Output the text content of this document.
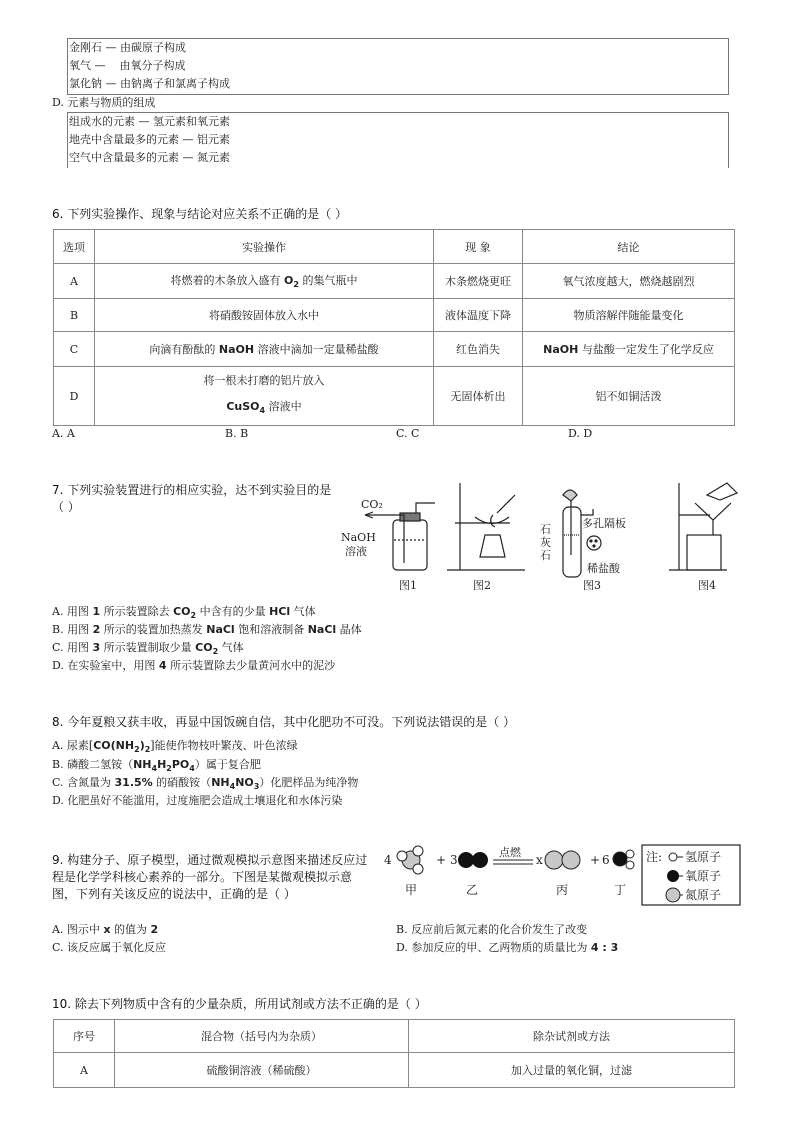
金刚石 — 由碳原子构成
氧气 —    由氧分子构成
氯化钠 — 由钠离子和氯离子构成
D. 元素与物质的组成
组成水的元素 — 氢元素和氧元素
地壳中含量最多的元素 — 铝元素
空气中含量最多的元素 — 氮元素
6. 下列实验操作、现象与结论对应关系不正确的是（ ）
选项	实验操作	现 象	结论
A	将燃着的木条放入盛有 $O_2$ 的集气瓶中	木条燃烧更旺	氧气浓度越大，燃烧越剧烈
B	将硝酸铵固体放入水中	液体温度下降	物质溶解伴随能量变化
C	向滴有酚酞的 NaOH 溶液中滴加一定量稀盐酸	红色消失	NaOH 与盐酸一定发生了化学反应
D	将一根未打磨的铝片放入
CuSO$_4$ 溶液中	无固体析出	铝不如铜活泼
A. A	B. B	C. C	D. D
7. 下列实验装置进行的相应实验，达不到实验目的是
（ ）	CO₂
NaOH
溶液
图1	图2
石
灰
石
多孔隔板
稀盐酸
图3	图4
A. 用图 1 所示装置除去 $CO_2$ 中含有的少量 HCl 气体
B. 用图 2 所示的装置加热蒸发 NaCl 饱和溶液制备 NaCl 晶体
C. 用图 3 所示装置制取少量 $CO_2$ 气体
D. 在实验室中，用图 4 所示装置除去少量黄河水中的泥沙
8. 今年夏粮又获丰收，再显中国饭碗自信，其中化肥功不可没。下列说法错误的是（ ）
A. 尿素$[CO(NH_2)_2]$能使作物枝叶繁茂、叶色浓绿
B. 磷酸二氢铵$(NH_4H_2PO_4)$属于复合肥
C. 含氮量为 31.5% 的硝酸铵$(NH_4NO_3)$化肥样品为纯净物
D. 化肥虽好不能滥用，过度施肥会造成土壤退化和水体污染
9. 构建分子、原子模型，通过微观模拟示意图来描述反应过
程是化学学科核心素养的一部分。下图是某微观模拟示意
图，下列有关该反应的说法中，正确的是（ ）
4	+ 3
点燃
x	+ 6
甲	乙	丙	丁
注: 氢原子
氧原子
氮原子
A. 图示中 x 的值为 2	B. 反应前后氮元素的化合价发生了改变
C. 该反应属于氧化反应	D. 参加反应的甲、乙两物质的质量比为 4 : 3
10. 除去下列物质中含有的少量杂质，所用试剂或方法不正确的是（ ）
序号	混合物（括号内为杂质）	除杂试剂或方法
A	硫酸铜溶液（稀硫酸）	加入过量的氧化铜，过滤
